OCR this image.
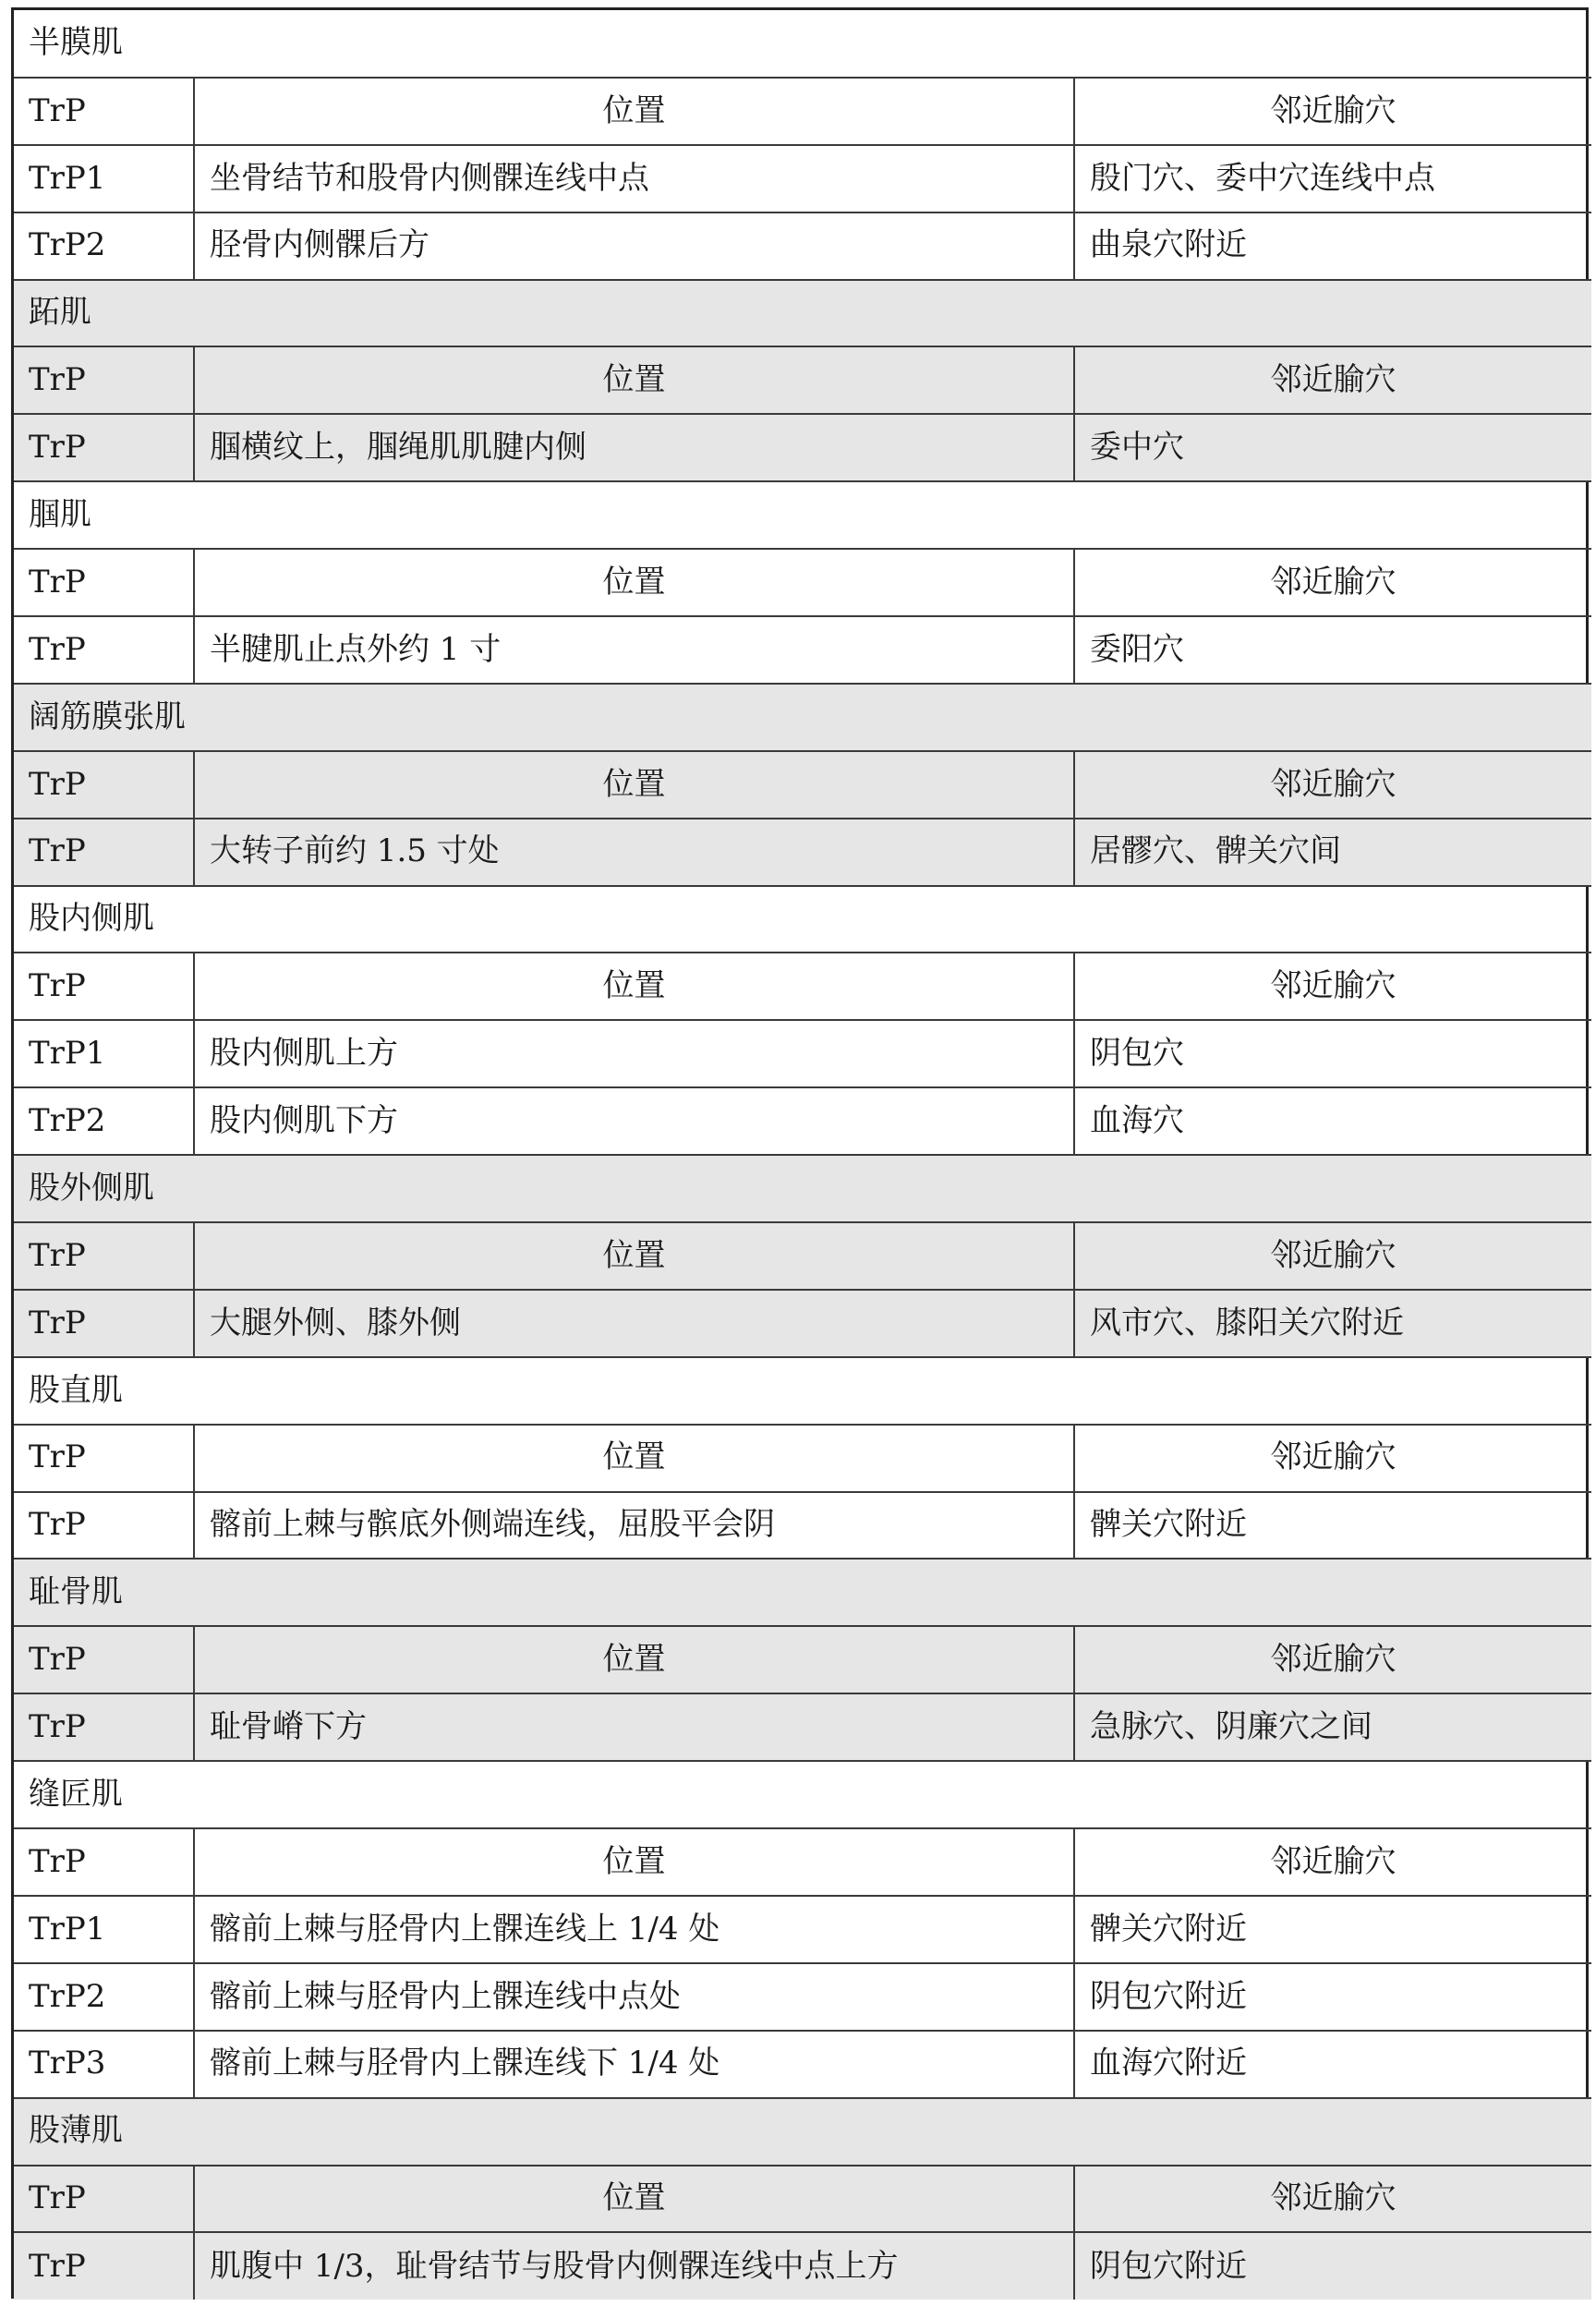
半膜肌		
TrP	位置	邻近腧穴
TrP1	坐骨结节和股骨内侧髁连线中点	殷门穴、委中穴连线中点
TrP2	胫骨内侧髁后方	曲泉穴附近
跖肌		
TrP	位置	邻近腧穴
TrP	腘横纹上，腘绳肌肌腱内侧	委中穴
腘肌		
TrP	位置	邻近腧穴
TrP	半腱肌止点外约 1 寸	委阳穴
阔筋膜张肌		
TrP	位置	邻近腧穴
TrP	大转子前约 1.5 寸处	居髎穴、髀关穴间
股内侧肌		
TrP	位置	邻近腧穴
TrP1	股内侧肌上方	阴包穴
TrP2	股内侧肌下方	血海穴
股外侧肌		
TrP	位置	邻近腧穴
TrP	大腿外侧、膝外侧	风市穴、膝阳关穴附近
股直肌		
TrP	位置	邻近腧穴
TrP	髂前上棘与髌底外侧端连线，屈股平会阴	髀关穴附近
耻骨肌		
TrP	位置	邻近腧穴
TrP	耻骨嵴下方	急脉穴、阴廉穴之间
缝匠肌		
TrP	位置	邻近腧穴
TrP1	髂前上棘与胫骨内上髁连线上 1/4 处	髀关穴附近
TrP2	髂前上棘与胫骨内上髁连线中点处	阴包穴附近
TrP3	髂前上棘与胫骨内上髁连线下 1/4 处	血海穴附近
股薄肌		
TrP	位置	邻近腧穴
TrP	肌腹中 1/3，耻骨结节与股骨内侧髁连线中点上方	阴包穴附近
